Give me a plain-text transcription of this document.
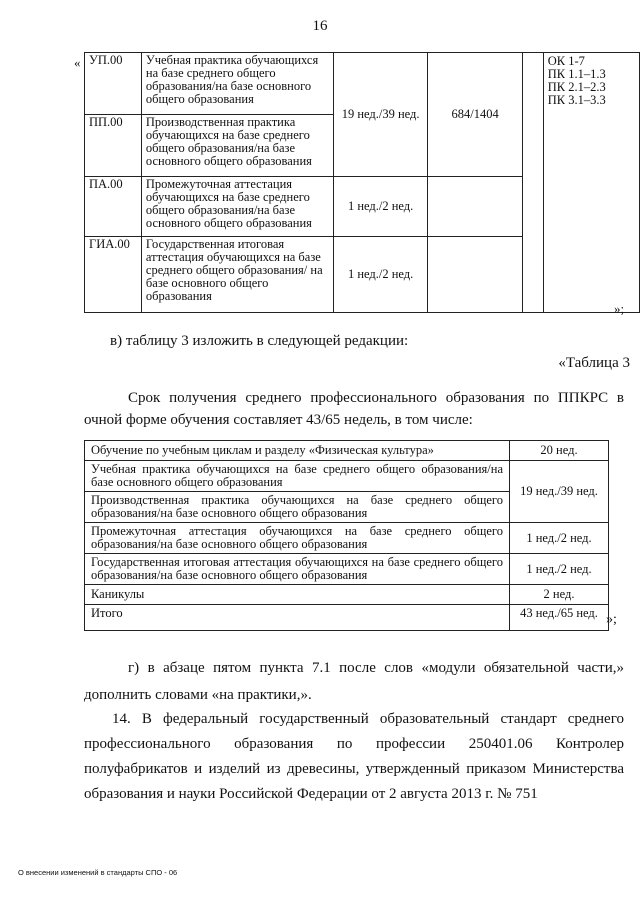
16
« УП.00	Учебная практика обучающихся на базе среднего общего образования/на базе основного общего образования	19 нед./39 нед.	684/1404		ОК 1-7
ПК 1.1–1.3
ПК 2.1–2.3
ПК 3.1–3.3

ПП.00	Производственная практика обучающихся на базе среднего общего образования/на базе основного общего образования				
ПА.00	Промежуточная аттестация обучающихся на базе среднего общего образования/на базе основного общего образования	1 нед./2 нед.			
ГИА.00	Государственная итоговая аттестация обучающихся на базе среднего общего образования/ на базе основного общего образования	1 нед./2 нед.			
»;
в) таблицу 3 изложить в следующей редакции:
«Таблица 3
Срок получения среднего профессионального образования по ППКРС в очной форме обучения составляет 43/65 недель, в том числе:
Обучение по учебным циклам и разделу «Физическая культура»	20 нед.
Учебная практика обучающихся на базе среднего общего образования/на базе основного общего образования	19 нед./39 нед.
Производственная практика обучающихся на базе среднего общего образования/на базе основного общего образования	
Промежуточная аттестация обучающихся на базе среднего общего образования/на базе основного общего образования	1 нед./2 нед.
Государственная итоговая аттестация обучающихся на базе среднего общего образования/на базе основного общего образования	1 нед./2 нед.
Каникулы	2 нед.
Итого	43 нед./65 нед. »;
г) в абзаце пятом пункта 7.1 после слов «модули обязательной части,» дополнить словами «на практики,».
14. В федеральный государственный образовательный стандарт среднего профессионального образования по профессии 250401.06 Контролер полуфабрикатов и изделий из древесины, утвержденный приказом Министерства образования и науки Российской Федерации от 2 августа 2013 г. № 751
О внесении изменений в стандарты СПО - 06
